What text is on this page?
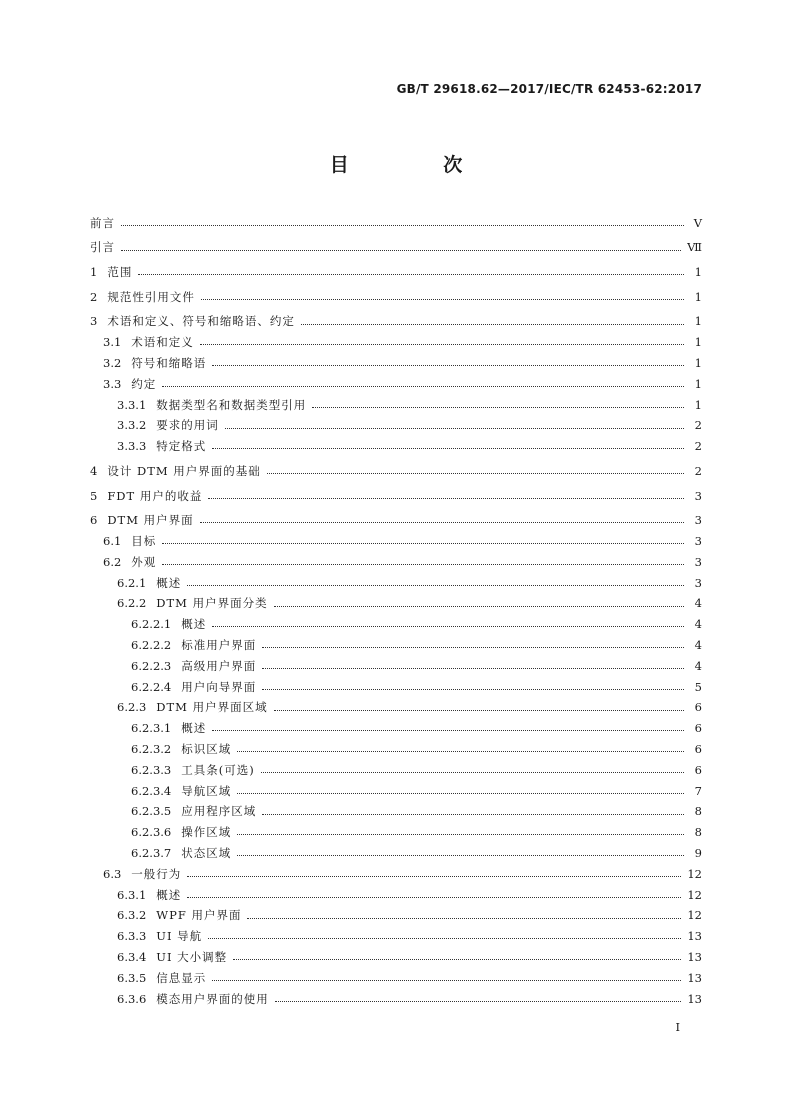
GB/T 29618.62—2017/IEC/TR 62453-62:2017
目 次
前言	Ⅴ
引言	Ⅶ
1 范围	1
2 规范性引用文件	1
3 术语和定义、符号和缩略语、约定	1
3.1 术语和定义	1
3.2 符号和缩略语	1
3.3 约定	1
3.3.1 数据类型名和数据类型引用	1
3.3.2 要求的用词	2
3.3.3 特定格式	2
4 设计 DTM 用户界面的基础	2
5 FDT 用户的收益	3
6 DTM 用户界面	3
6.1 目标	3
6.2 外观	3
6.2.1 概述	3
6.2.2 DTM 用户界面分类	4
6.2.2.1 概述	4
6.2.2.2 标准用户界面	4
6.2.2.3 高级用户界面	4
6.2.2.4 用户向导界面	5
6.2.3 DTM 用户界面区域	6
6.2.3.1 概述	6
6.2.3.2 标识区域	6
6.2.3.3 工具条(可选)	6
6.2.3.4 导航区域	7
6.2.3.5 应用程序区域	8
6.2.3.6 操作区域	8
6.2.3.7 状态区域	9
6.3 一般行为	12
6.3.1 概述	12
6.3.2 WPF 用户界面	12
6.3.3 UI 导航	13
6.3.4 UI 大小调整	13
6.3.5 信息显示	13
6.3.6 模态用户界面的使用	13
I
